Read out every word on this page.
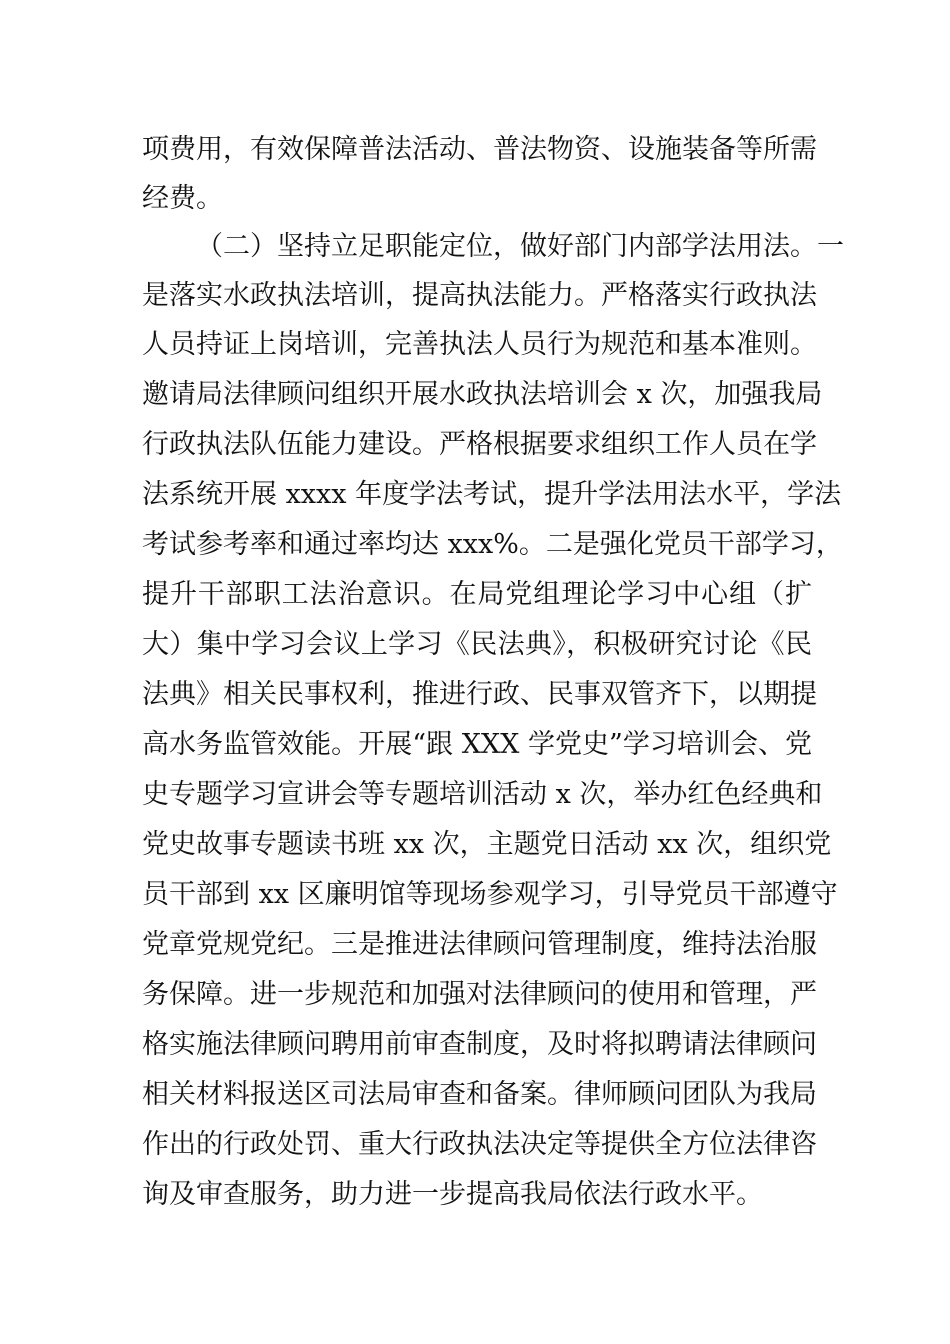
项费用，有效保障普法活动、普法物资、设施装备等所需
经费。
（二）坚持立足职能定位，做好部门内部学法用法。一
是落实水政执法培训，提高执法能力。严格落实行政执法
人员持证上岗培训，完善执法人员行为规范和基本准则。
邀请局法律顾问组织开展水政执法培训会 x 次，加强我局
行政执法队伍能力建设。严格根据要求组织工作人员在学
法系统开展 xxxx 年度学法考试，提升学法用法水平，学法
考试参考率和通过率均达 xxx%。二是强化党员干部学习，
提升干部职工法治意识。在局党组理论学习中心组（扩
大）集中学习会议上学习《民法典》，积极研究讨论《民
法典》相关民事权利，推进行政、民事双管齐下，以期提
高水务监管效能。开展“跟 XXX 学党史”学习培训会、党
史专题学习宣讲会等专题培训活动 x 次，举办红色经典和
党史故事专题读书班 xx 次，主题党日活动 xx 次，组织党
员干部到 xx 区廉明馆等现场参观学习，引导党员干部遵守
党章党规党纪。三是推进法律顾问管理制度，维持法治服
务保障。进一步规范和加强对法律顾问的使用和管理，严
格实施法律顾问聘用前审查制度，及时将拟聘请法律顾问
相关材料报送区司法局审查和备案。律师顾问团队为我局
作出的行政处罚、重大行政执法决定等提供全方位法律咨
询及审查服务，助力进一步提高我局依法行政水平。
